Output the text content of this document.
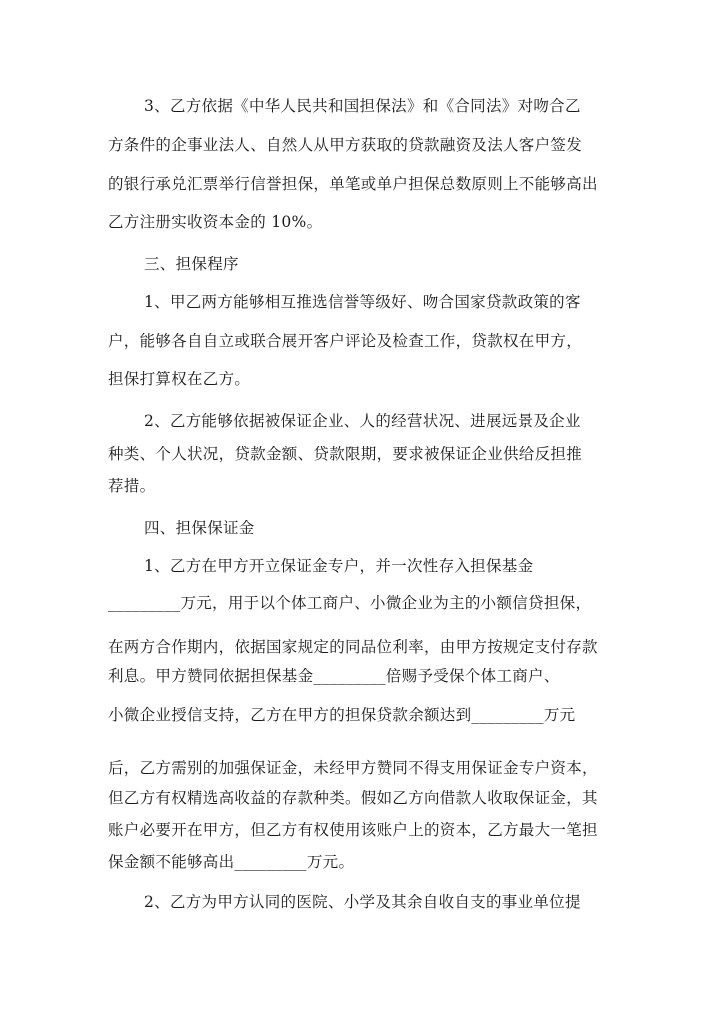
3、乙方依据《中华人民共和国担保法》和《合同法》对吻合乙
方条件的企事业法人、自然人从甲方获取的贷款融资及法人客户签发
的银行承兑汇票举行信誉担保，单笔或单户担保总数原则上不能够高出
乙方注册实收资本金的 10%。
三、担保程序
1、甲乙两方能够相互推选信誉等级好、吻合国家贷款政策的客
户，能够各自自立或联合展开客户评论及检查工作，贷款权在甲方，
担保打算权在乙方。
2、乙方能够依据被保证企业、人的经营状况、进展远景及企业
种类、个人状况，贷款金额、贷款限期，要求被保证企业供给反担推
荐措。
四、担保保证金
1、乙方在甲方开立保证金专户，并一次性存入担保基金
_________万元，用于以个体工商户、小微企业为主的小额信贷担保，
在两方合作期内，依据国家规定的同品位利率，由甲方按规定支付存款
利息。甲方赞同依据担保基金_________倍赐予受保个体工商户、
小微企业授信支持，乙方在甲方的担保贷款余额达到_________万元
后，乙方需别的加强保证金，未经甲方赞同不得支用保证金专户资本，
但乙方有权精选高收益的存款种类。假如乙方向借款人收取保证金，其
账户必要开在甲方，但乙方有权使用该账户上的资本，乙方最大一笔担
保金额不能够高出_________万元。
2、乙方为甲方认同的医院、小学及其余自收自支的事业单位提
